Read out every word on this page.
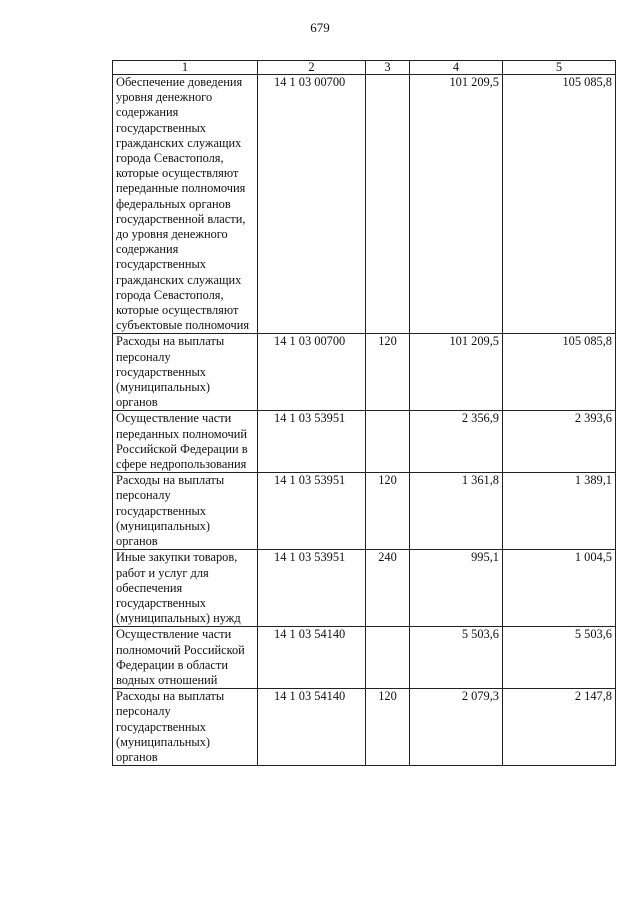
679
1	2	3	4	5
Обеспечение доведения уровня денежного содержания государственных гражданских служащих города Севастополя, которые осуществляют переданные полномочия федеральных органов государственной власти, до уровня денежного содержания государственных гражданских служащих города Севастополя, которые осуществляют субъектовые полномочия	14 1 03 00700		101 209,5	105 085,8
Расходы на выплаты персоналу государственных (муниципальных) органов	14 1 03 00700	120	101 209,5	105 085,8
Осуществление части переданных полномочий Российской Федерации в сфере недропользования	14 1 03 53951		2 356,9	2 393,6
Расходы на выплаты персоналу государственных (муниципальных) органов	14 1 03 53951	120	1 361,8	1 389,1
Иные закупки товаров, работ и услуг для обеспечения государственных (муниципальных) нужд	14 1 03 53951	240	995,1	1 004,5
Осуществление части полномочий Российской Федерации в области водных отношений	14 1 03 54140		5 503,6	5 503,6
Расходы на выплаты персоналу государственных (муниципальных) органов	14 1 03 54140	120	2 079,3	2 147,8
